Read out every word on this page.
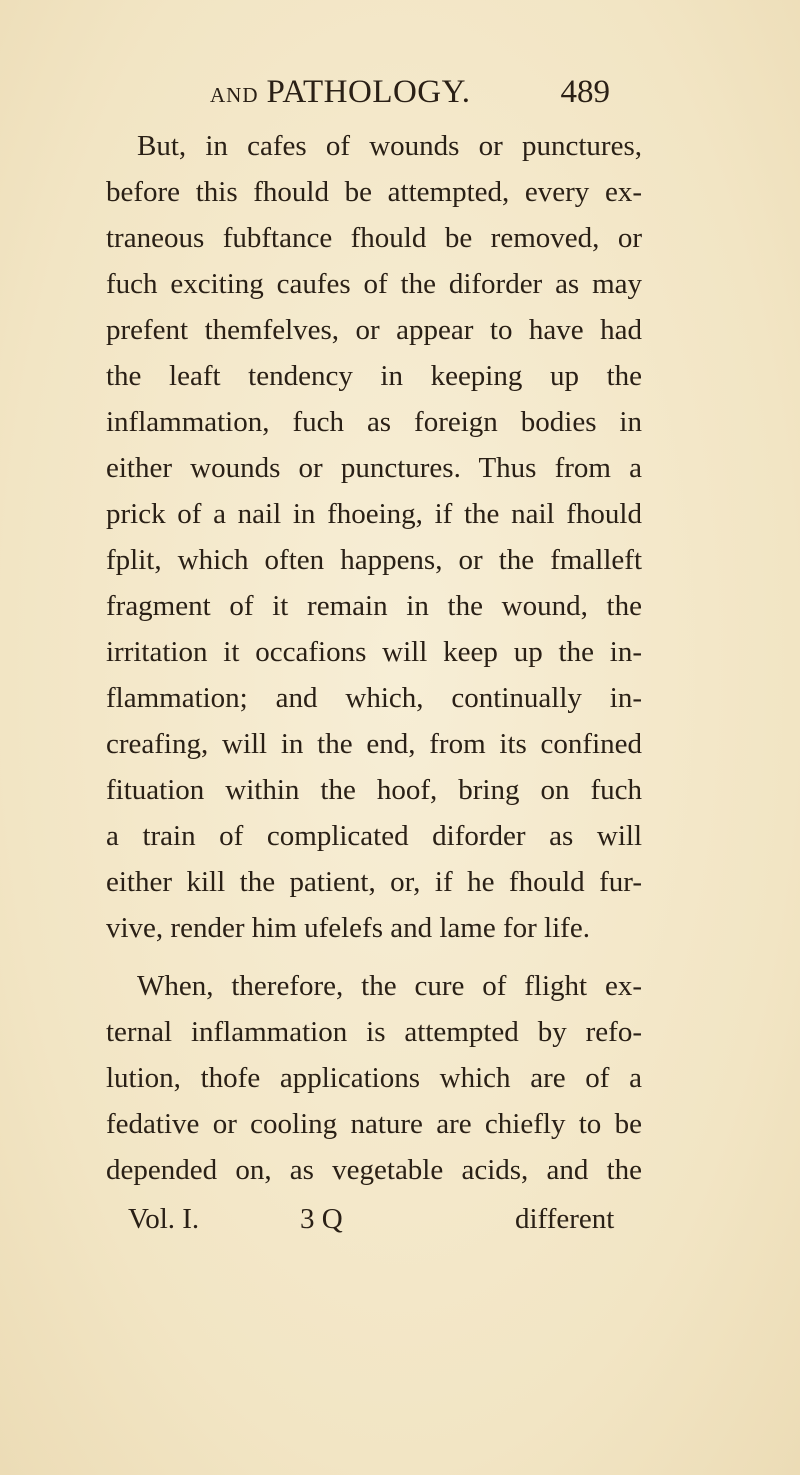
AND PATHOLOGY.	489
But, in cafes of wounds or punctures,
before this fhould be attempted, every ex-
traneous fubftance fhould be removed, or
fuch exciting caufes of the diforder as may
prefent themfelves, or appear to have had
the leaft tendency in keeping up the
inflammation, fuch as foreign bodies in
either wounds or punctures. Thus from a
prick of a nail in fhoeing, if the nail fhould
fplit, which often happens, or the fmalleft
fragment of it remain in the wound, the
irritation it occafions will keep up the in-
flammation; and which, continually in-
creafing, will in the end, from its confined
fituation within the hoof, bring on fuch
a train of complicated diforder as will
either kill the patient, or, if he fhould fur-
vive, render him ufelefs and lame for life.
When, therefore, the cure of flight ex-
ternal inflammation is attempted by refo-
lution, thofe applications which are of a
fedative or cooling nature are chiefly to be
depended on, as vegetable acids, and the
Vol. I.	3 Q	different
